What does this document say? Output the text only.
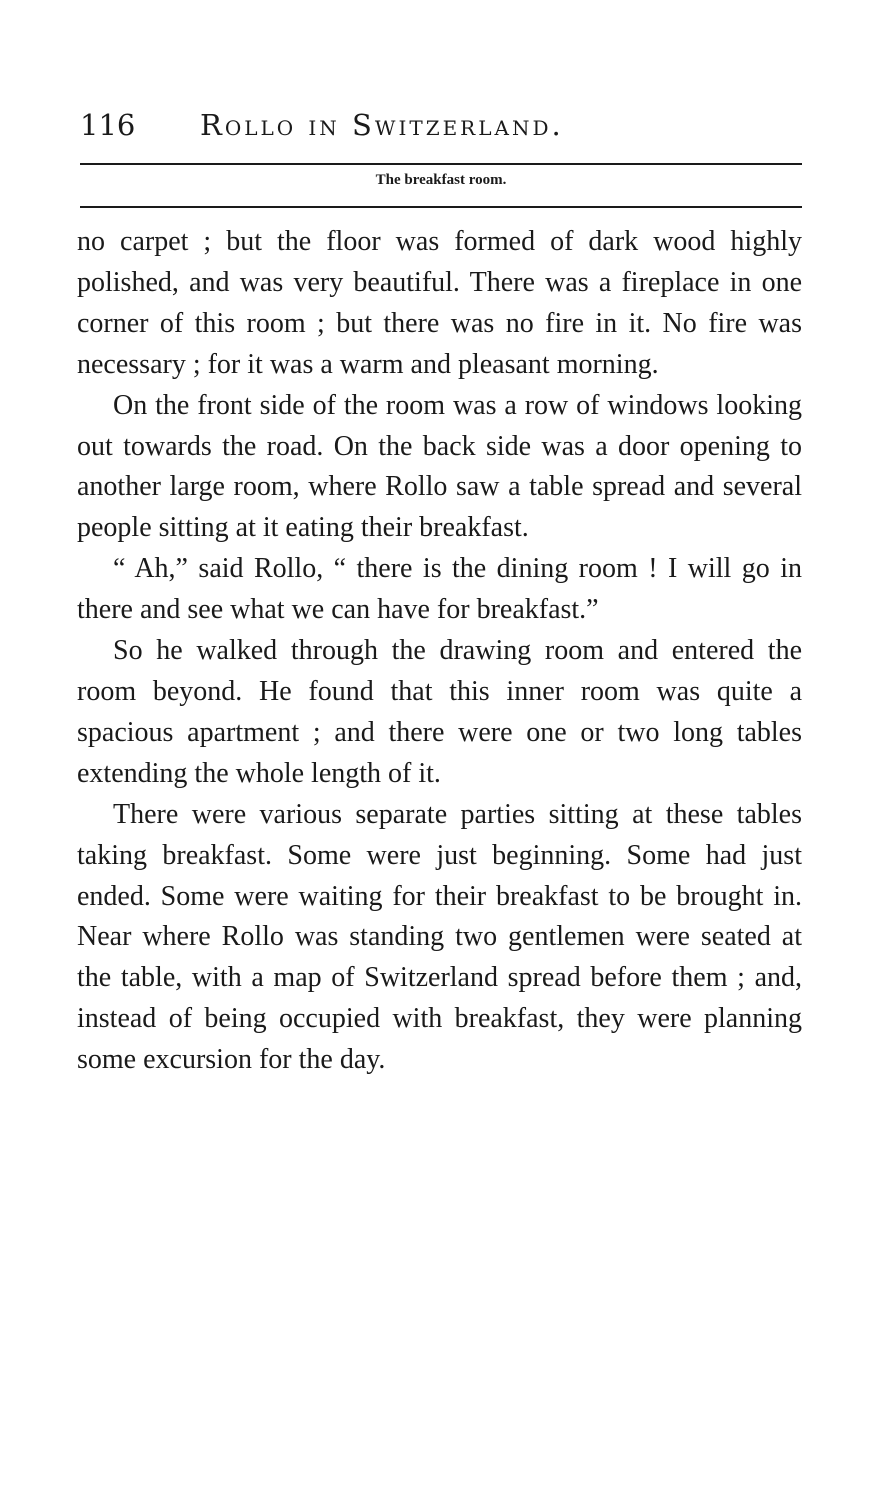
116 Rollo in Switzerland.
The breakfast room.

no carpet ; but the floor was formed of dark wood highly polished, and was very beautiful. There was a fireplace in one corner of this room ; but there was no fire in it. No fire was necessary ; for it was a warm and pleasant morning.

On the front side of the room was a row of windows looking out towards the road. On the back side was a door opening to another large room, where Rollo saw a table spread and several people sitting at it eating their breakfast.

“ Ah,” said Rollo, “ there is the dining room ! I will go in there and see what we can have for breakfast.”

So he walked through the drawing room and entered the room beyond. He found that this inner room was quite a spacious apartment ; and there were one or two long tables extending the whole length of it.

There were various separate parties sitting at these tables taking breakfast. Some were just beginning. Some had just ended. Some were waiting for their breakfast to be brought in. Near where Rollo was standing two gentlemen were seated at the table, with a map of Switzerland spread before them ; and, instead of being occupied with breakfast, they were planning some excursion for the day.
